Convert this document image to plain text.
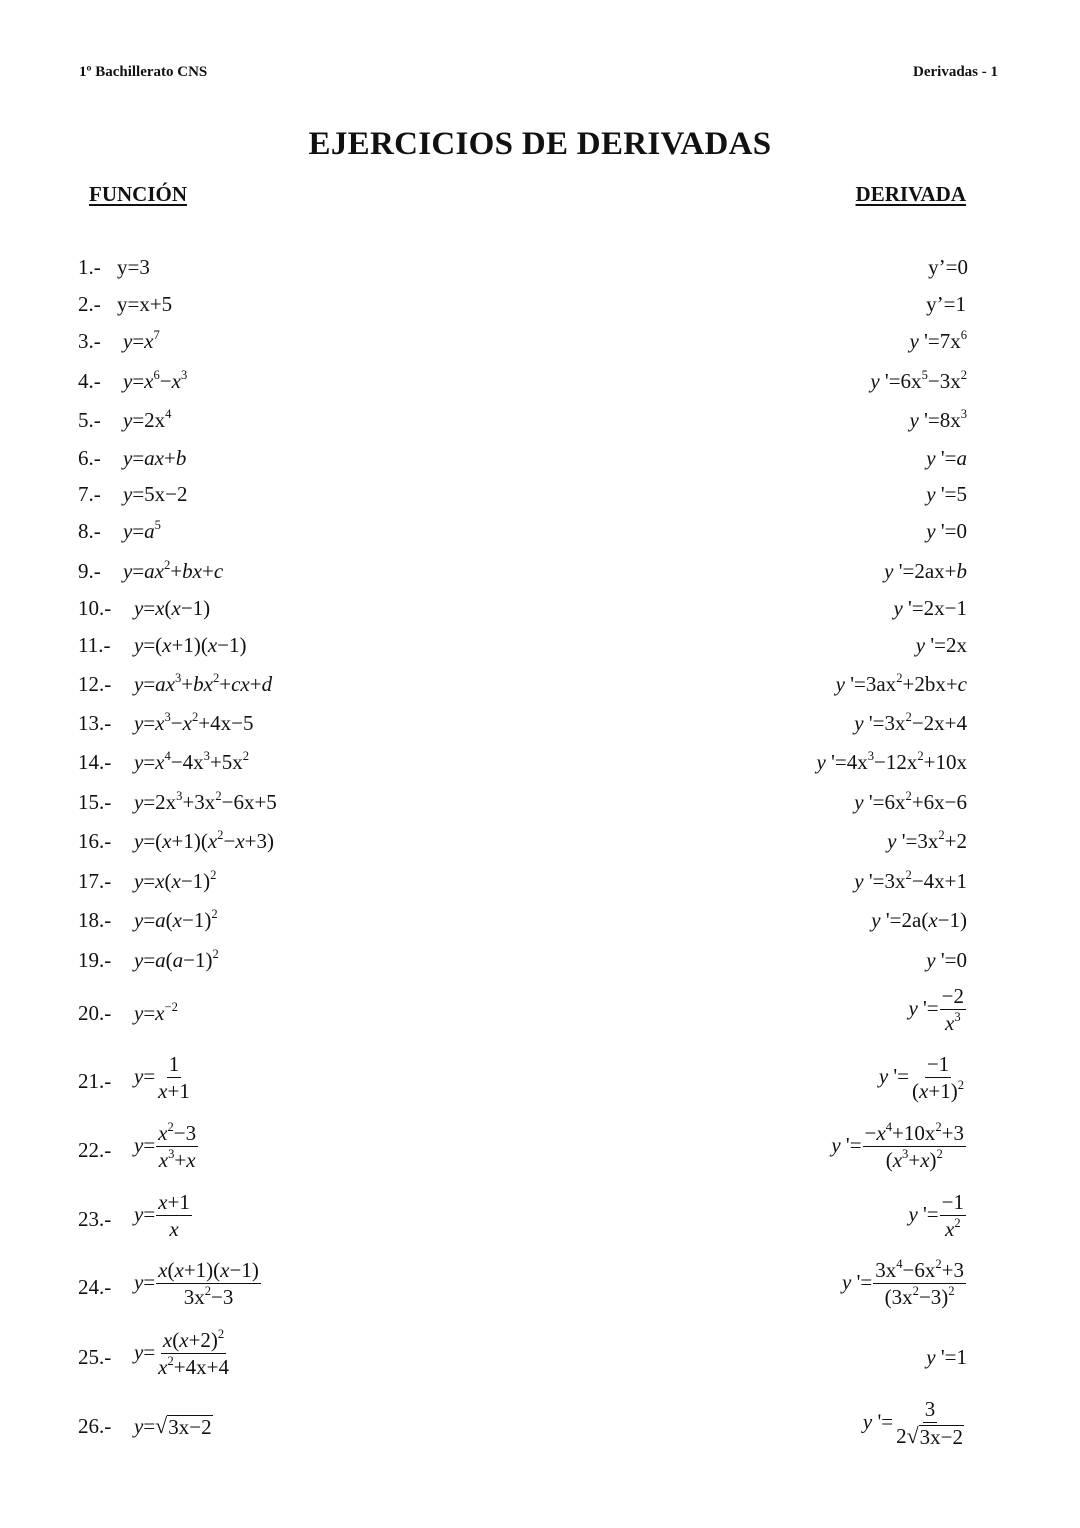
1º Bachillerato CNS	Derivadas - 1
EJERCICIOS DE DERIVADAS
FUNCIÓN	DERIVADA
1.- y=3	y’=0
2.- y=x+5	y’=1
3.- $y=x^7$	y '$=7x^6$
4.- $y=x^6-x^3$	y '$=6x^5-3x^2$
5.- $y=2x^4$	y '$=8x^3$
6.- y=ax+b	y '=a
7.- y=5x−2	y '=5
8.- $y=a^5$	y '=0
9.- $y=ax^2+bx+c$	y '=2ax+b
10.- y=x(x−1)	y '=2x−1
11.- y=(x+1)(x−1)	y '=2x
12.- $y=ax^3+bx^2+cx+d$	y '$=3ax^2+2bx+c$
13.- $y=x^3-x^2+4x-5$	y '$=3x^2-2x+4$
14.- $y=x^4-4x^3+5x^2$	y '$=4x^3-12x^2+10x$
15.- $y=2x^3+3x^2-6x+5$	y '$=6x^2+6x-6$
16.- $y=(x+1)(x^2-x+3)$	y '$=3x^2+2$
17.- $y=x(x-1)^2$	y '$=3x^2-4x+1$
18.- $y=a(x-1)^2$	y '=2a(x−1)
19.- $y=a(a-1)^2$	y '=0
20.- $y=x^{-2}$	y '= $\frac{-2}{x^3}$
21.- $y= \frac{1}{x+1}$	y '= $\frac{-1}{(x+1)^2}$
22.- $y= \frac{x^2-3}{x^3+x}$	y '= $\frac{-x^4+10x^2+3}{(x^3+x)^2}$
23.- $y= \frac{x+1}{x}$	y '= $\frac{-1}{x^2}$
24.- $y= \frac{x(x+1)(x-1)}{3x^2-3}$	y '= $\frac{3x^4-6x^2+3}{(3x^2-3)^2}$
25.- $y= \frac{x(x+2)^2}{x^2+4x+4}$	y '=1
26.- y= √ 3x−2	y '= $\frac{3}{2 √ 3x-2}$
